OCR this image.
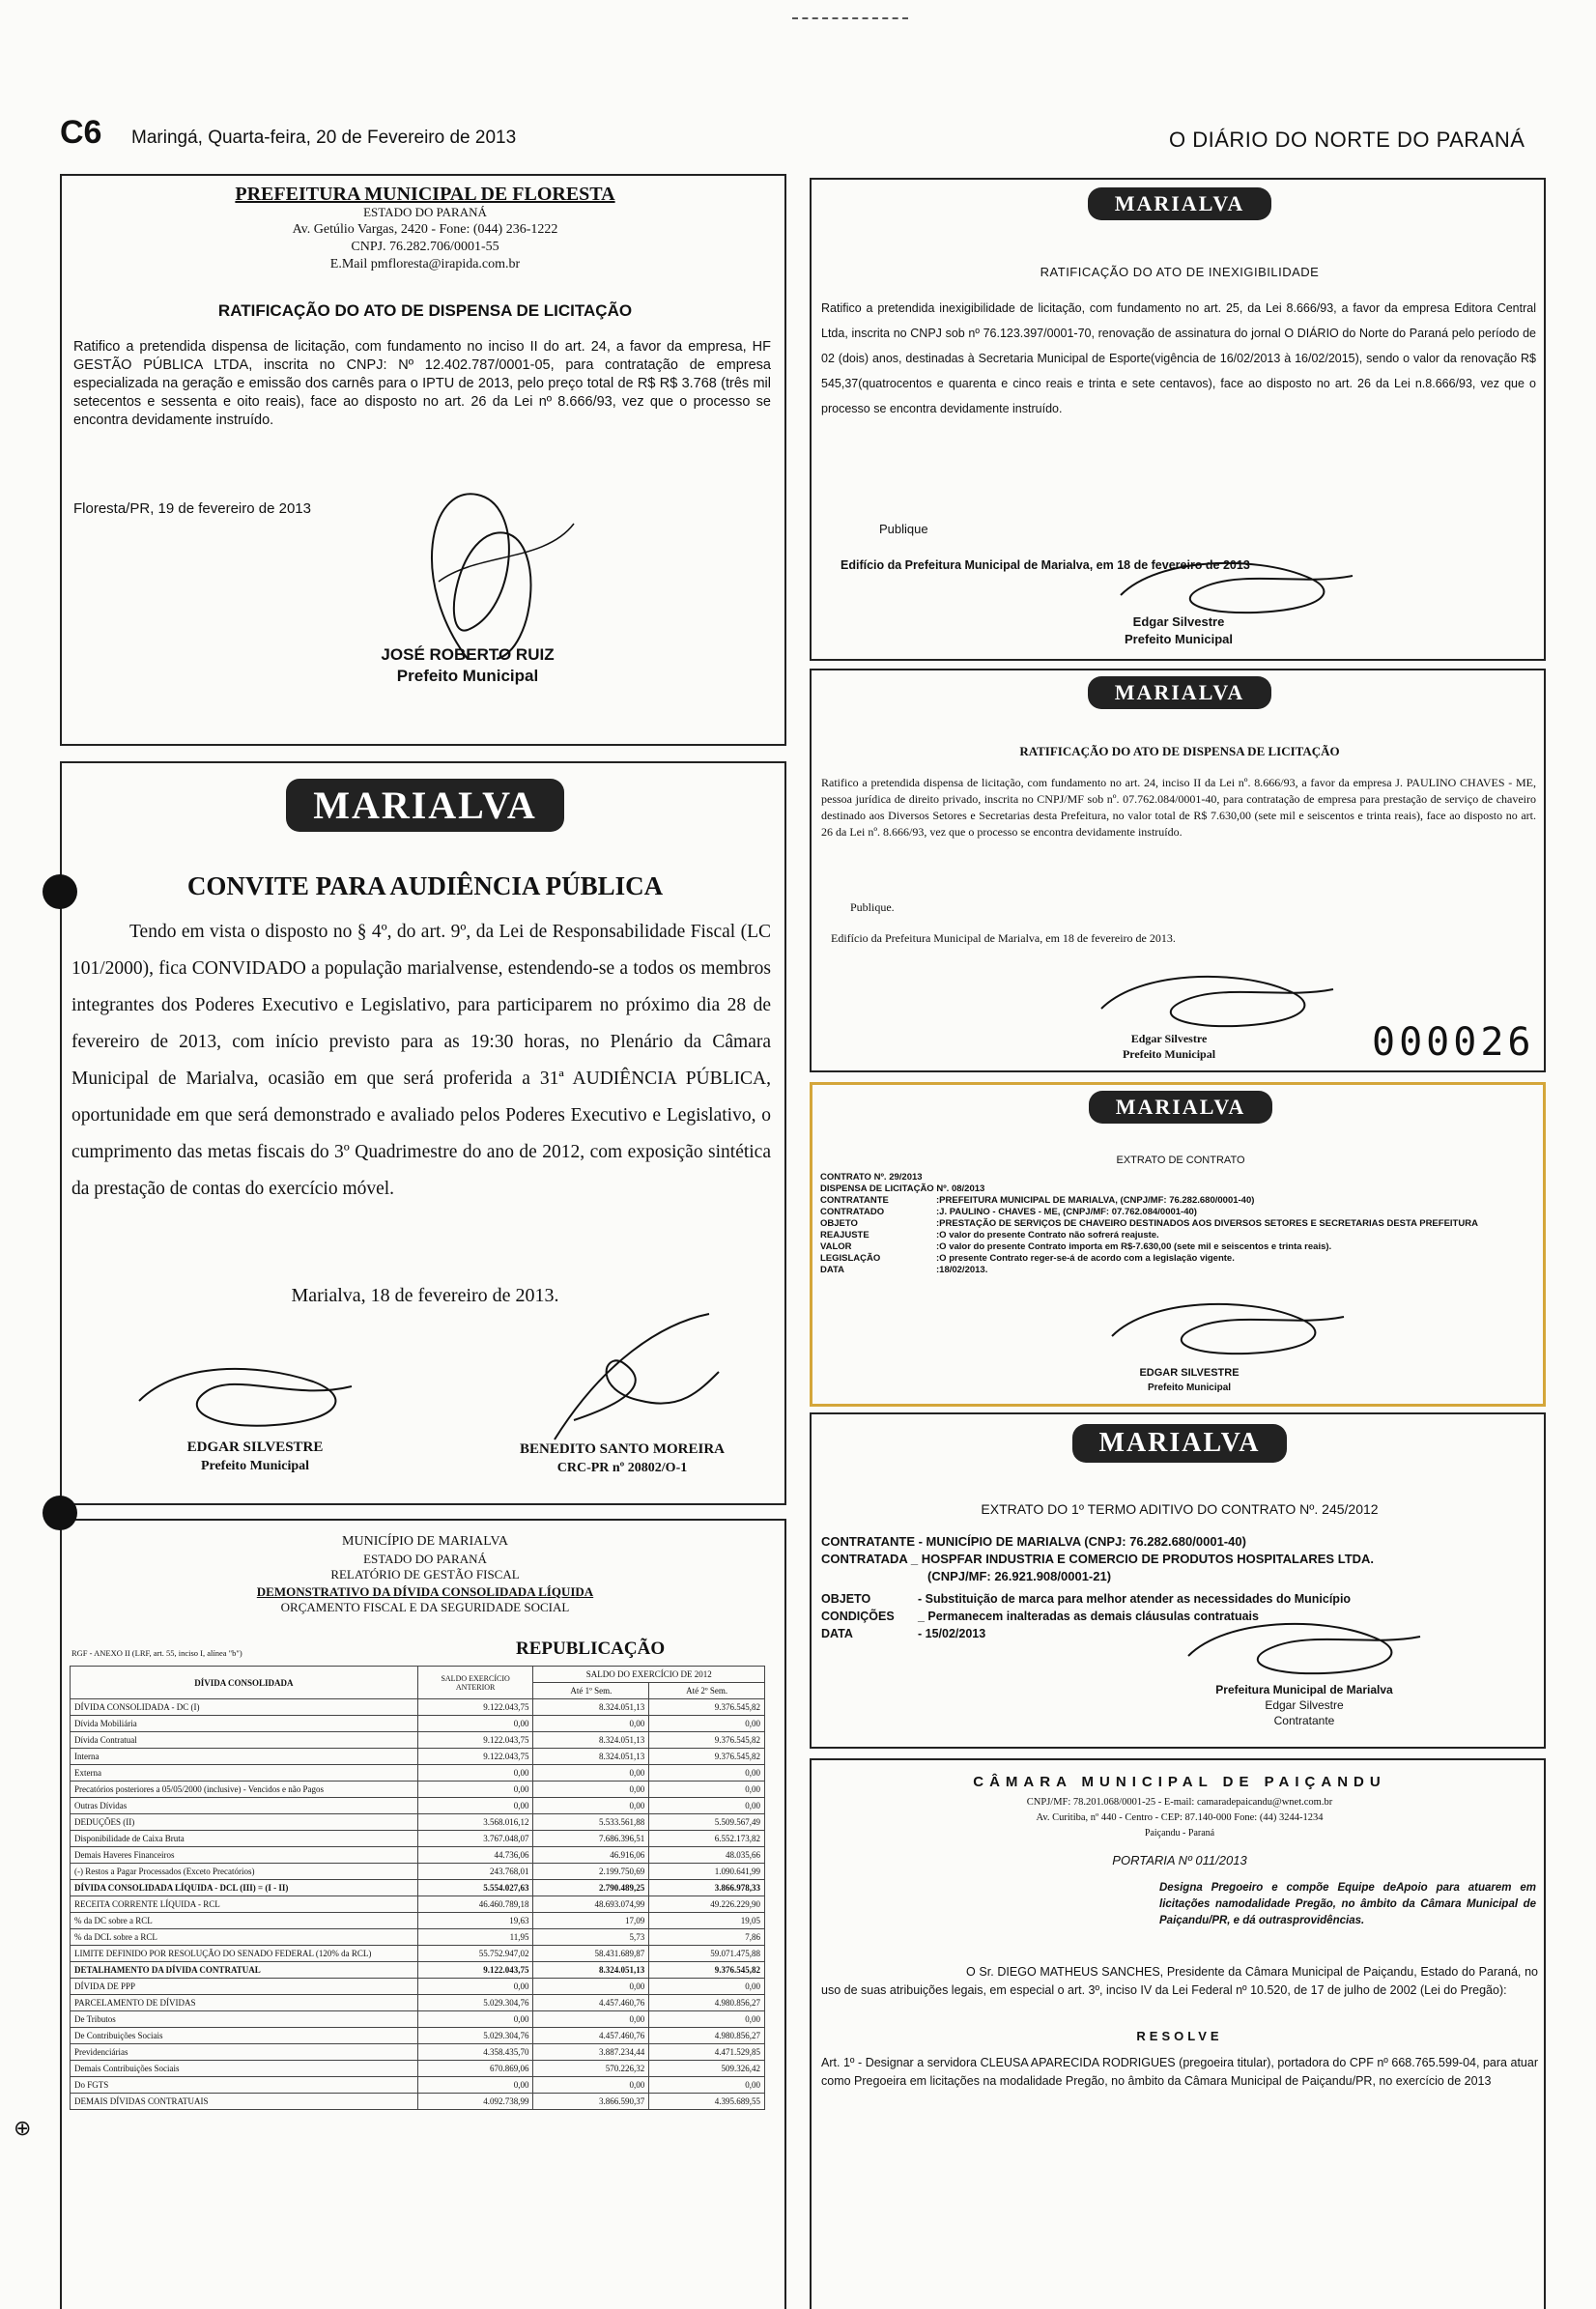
C6 Maringá, Quarta-feira, 20 de Fevereiro de 2013	O DIÁRIO DO NORTE DO PARANÁ
PREFEITURA MUNICIPAL DE FLORESTA
ESTADO DO PARANÁ
Av. Getúlio Vargas, 2420 - Fone: (044) 236-1222
CNPJ. 76.282.706/0001-55
E.Mail pmfloresta@irapida.com.br
RATIFICAÇÃO DO ATO DE DISPENSA DE LICITAÇÃO
Ratifico a pretendida dispensa de licitação, com fundamento no inciso II do art. 24, a favor da empresa, HF GESTÃO PÚBLICA LTDA, inscrita no CNPJ: Nº 12.402.787/0001-05, para contratação de empresa especializada na geração e emissão dos carnês para o IPTU de 2013, pelo preço total de R$ R$ 3.768 (três mil setecentos e sessenta e oito reais), face ao disposto no art. 26 da Lei nº 8.666/93, vez que o processo se encontra devidamente instruído.
Floresta/PR, 19 de fevereiro de 2013
JOSÉ ROBERTO RUIZ
Prefeito Municipal
MARIALVA
CONVITE PARA AUDIÊNCIA PÚBLICA
Tendo em vista o disposto no § 4º, do art. 9º, da Lei de Responsabilidade Fiscal (LC 101/2000), fica CONVIDADO a população marialvense, estendendo-se a todos os membros integrantes dos Poderes Executivo e Legislativo, para participarem no próximo dia 28 de fevereiro de 2013, com início previsto para as 19:30 horas, no Plenário da Câmara Municipal de Marialva, ocasião em que será proferida a 31ª AUDIÊNCIA PÚBLICA, oportunidade em que será demonstrado e avaliado pelos Poderes Executivo e Legislativo, o cumprimento das metas fiscais do 3º Quadrimestre do ano de 2012, com exposição sintética da prestação de contas do exercício móvel.
Marialva, 18 de fevereiro de 2013.
EDGAR SILVESTRE
Prefeito Municipal
BENEDITO SANTO MOREIRA
CRC-PR nº 20802/O-1
MUNICÍPIO DE MARIALVA
ESTADO DO PARANÁ
RELATÓRIO DE GESTÃO FISCAL
DEMONSTRATIVO DA DÍVIDA CONSOLIDADA LÍQUIDA
ORÇAMENTO FISCAL E DA SEGURIDADE SOCIAL
RGF - ANEXO II (LRF, art. 55, inciso I, alínea "b")	REPUBLICAÇÃO
DÍVIDA CONSOLIDADA	SALDO EXERCÍCIO ANTERIOR	SALDO DO EXERCÍCIO DE 2012	
		Até 1º Sem.	Até 2º Sem.
DÍVIDA CONSOLIDADA - DC (I)	9.122.043,75	8.324.051,13	9.376.545,82
Dívida Mobiliária	0,00	0,00	0,00
Dívida Contratual	9.122.043,75	8.324.051,13	9.376.545,82
Interna	9.122.043,75	8.324.051,13	9.376.545,82
Externa	0,00	0,00	0,00
Precatórios posteriores a 05/05/2000 (inclusive) - Vencidos e não Pagos	0,00	0,00	0,00
Outras Dívidas	0,00	0,00	0,00
DEDUÇÕES (II)	3.568.016,12	5.533.561,88	5.509.567,49
Disponibilidade de Caixa Bruta	3.767.048,07	7.686.396,51	6.552.173,82
Demais Haveres Financeiros	44.736,06	46.916,06	48.035,66
(-) Restos a Pagar Processados (Exceto Precatórios)	243.768,01	2.199.750,69	1.090.641,99
DÍVIDA CONSOLIDADA LÍQUIDA - DCL (III) = (I - II)	5.554.027,63	2.790.489,25	3.866.978,33
RECEITA CORRENTE LÍQUIDA - RCL	46.460.789,18	48.693.074,99	49.226.229,90
% da DC sobre a RCL	19,63	17,09	19,05
% da DCL sobre a RCL	11,95	5,73	7,86
LIMITE DEFINIDO POR RESOLUÇÃO DO SENADO FEDERAL (120% da RCL)	55.752.947,02	58.431.689,87	59.071.475,88
DETALHAMENTO DA DÍVIDA CONTRATUAL	9.122.043,75	8.324.051,13	9.376.545,82
DÍVIDA DE PPP	0,00	0,00	0,00
PARCELAMENTO DE DÍVIDAS	5.029.304,76	4.457.460,76	4.980.856,27
De Tributos	0,00	0,00	0,00
De Contribuições Sociais	5.029.304,76	4.457.460,76	4.980.856,27
Previdenciárias	4.358.435,70	3.887.234,44	4.471.529,85
Demais Contribuições Sociais	670.869,06	570.226,32	509.326,42
Do FGTS	0,00	0,00	0,00
DEMAIS DÍVIDAS CONTRATUAIS	4.092.738,99	3.866.590,37	4.395.689,55
⊕
MARIALVA
RATIFICAÇÃO DO ATO DE INEXIGIBILIDADE
Ratifico a pretendida inexigibilidade de licitação, com fundamento no art. 25, da Lei 8.666/93, a favor da empresa Editora Central Ltda, inscrita no CNPJ sob nº 76.123.397/0001-70, renovação de assinatura do jornal O DIÁRIO do Norte do Paraná pelo período de 02 (dois) anos, destinadas à Secretaria Municipal de Esporte(vigência de 16/02/2013 à 16/02/2015), sendo o valor da renovação R$ 545,37(quatrocentos e quarenta e cinco reais e trinta e sete centavos), face ao disposto no art. 26 da Lei n.8.666/93, vez que o processo se encontra devidamente instruído.
Publique
Edifício da Prefeitura Municipal de Marialva, em 18 de fevereiro de 2013
Edgar Silvestre
Prefeito Municipal
MARIALVA
RATIFICAÇÃO DO ATO DE DISPENSA DE LICITAÇÃO
Ratifico a pretendida dispensa de licitação, com fundamento no art. 24, inciso II da Lei nº. 8.666/93, a favor da empresa J. PAULINO CHAVES - ME, pessoa jurídica de direito privado, inscrita no CNPJ/MF sob nº. 07.762.084/0001-40, para contratação de empresa para prestação de serviço de chaveiro destinado aos Diversos Setores e Secretarias desta Prefeitura, no valor total de R$ 7.630,00 (sete mil e seiscentos e trinta reais), face ao disposto no art. 26 da Lei nº. 8.666/93, vez que o processo se encontra devidamente instruído.
Publique.
Edifício da Prefeitura Municipal de Marialva, em 18 de fevereiro de 2013.
Edgar Silvestre
Prefeito Municipal	000026
MARIALVA
EXTRATO DE CONTRATO
CONTRATO Nº. 29/2013
DISPENSA DE LICITAÇÃO Nº. 08/2013
CONTRATANTE	:PREFEITURA MUNICIPAL DE MARIALVA, (CNPJ/MF: 76.282.680/0001-40)
CONTRATADO	:J. PAULINO - CHAVES - ME, (CNPJ/MF: 07.762.084/0001-40)
OBJETO	:PRESTAÇÃO DE SERVIÇOS DE CHAVEIRO DESTINADOS AOS DIVERSOS SETORES E SECRETARIAS DESTA PREFEITURA
REAJUSTE	:O valor do presente Contrato não sofrerá reajuste.
VALOR	:O valor do presente Contrato importa em R$-7.630,00 (sete mil e seiscentos e trinta reais).
LEGISLAÇÃO	:O presente Contrato reger-se-á de acordo com a legislação vigente.
DATA	:18/02/2013.
EDGAR SILVESTRE
Prefeito Municipal
MARIALVA
EXTRATO DO 1º TERMO ADITIVO DO CONTRATO Nº. 245/2012
CONTRATANTE - MUNICÍPIO DE MARIALVA (CNPJ: 76.282.680/0001-40)
CONTRATADA _ HOSPFAR INDUSTRIA E COMERCIO DE PRODUTOS HOSPITALARES LTDA.
(CNPJ/MF: 26.921.908/0001-21)
OBJETO	- Substituição de marca para melhor atender as necessidades do Município
CONDIÇÕES	_ Permanecem inalteradas as demais cláusulas contratuais
DATA	- 15/02/2013
Prefeitura Municipal de Marialva
Edgar Silvestre
Contratante
CÂMARA MUNICIPAL DE PAIÇANDU
CNPJ/MF: 78.201.068/0001-25 - E-mail: camaradepaicandu@wnet.com.br
Av. Curitiba, nº 440 - Centro - CEP: 87.140-000 Fone: (44) 3244-1234
Paiçandu - Paraná
PORTARIA Nº 011/2013
Designa Pregoeiro e compõe Equipe deApoio para atuarem em licitações namodalidade Pregão, no âmbito da Câmara Municipal de Paiçandu/PR, e dá outrasprovidências.
O Sr. DIEGO MATHEUS SANCHES, Presidente da Câmara Municipal de Paiçandu, Estado do Paraná, no uso de suas atribuições legais, em especial o art. 3º, inciso IV da Lei Federal nº 10.520, de 17 de julho de 2002 (Lei do Pregão):
RESOLVE
Art. 1º - Designar a servidora CLEUSA APARECIDA RODRIGUES (pregoeira titular), portadora do CPF nº 668.765.599-04, para atuar como Pregoeira em licitações na modalidade Pregão, no âmbito da Câmara Municipal de Paiçandu/PR, no exercício de 2013
